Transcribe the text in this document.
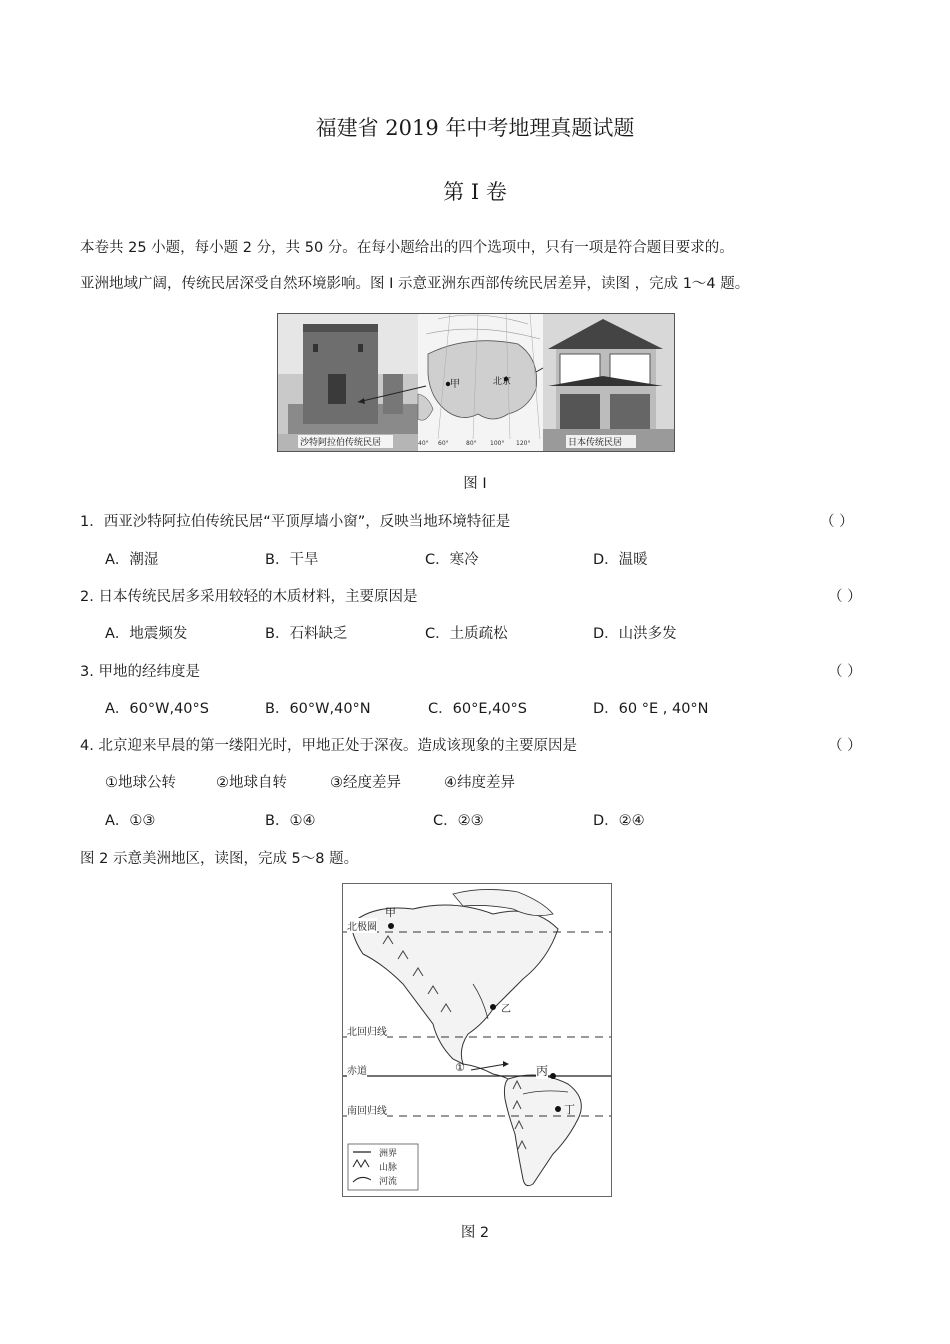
福建省 2019 年中考地理真题试题
第 I 卷
本卷共 25 小题，每小题 2 分，共 50 分。在每小题给出的四个选项中，只有一项是符合题目要求的。
亚洲地域广阔，传统民居深受自然环境影响。图 I 示意亚洲东西部传统民居差异，读图 ，完成 1～4 题。
甲	北京
40° 60°	80° 100° 120°
沙特阿拉伯传统民居	日本传统民居
图 I
1．西亚沙特阿拉伯传统民居“平顶厚墙小窗”，反映当地环境特征是	（ ）
A．潮湿	B．干旱	C．寒冷	D．温暖
2. 日本传统民居多采用较轻的木质材料，主要原因是	（ ）
A．地震频发	B．石料缺乏	C．土质疏松	D．山洪多发
3. 甲地的经纬度是	（ ）
A．60°W,40°S	B．60°W,40°N	C．60°E,40°S	D．60 °E , 40°N
4. 北京迎来早晨的第一缕阳光时，甲地正处于深夜。造成该现象的主要原因是	（ ）
①地球公转	②地球自转	③经度差异	④纬度差异
A．①③	B．①④	C．②③	D．②④
图 2 示意美洲地区，读图，完成 5～8 题。
北极圈
甲
北回归线
乙
赤道	①	丙
丁
南回归线
洲界
山脉
河流
图 2
